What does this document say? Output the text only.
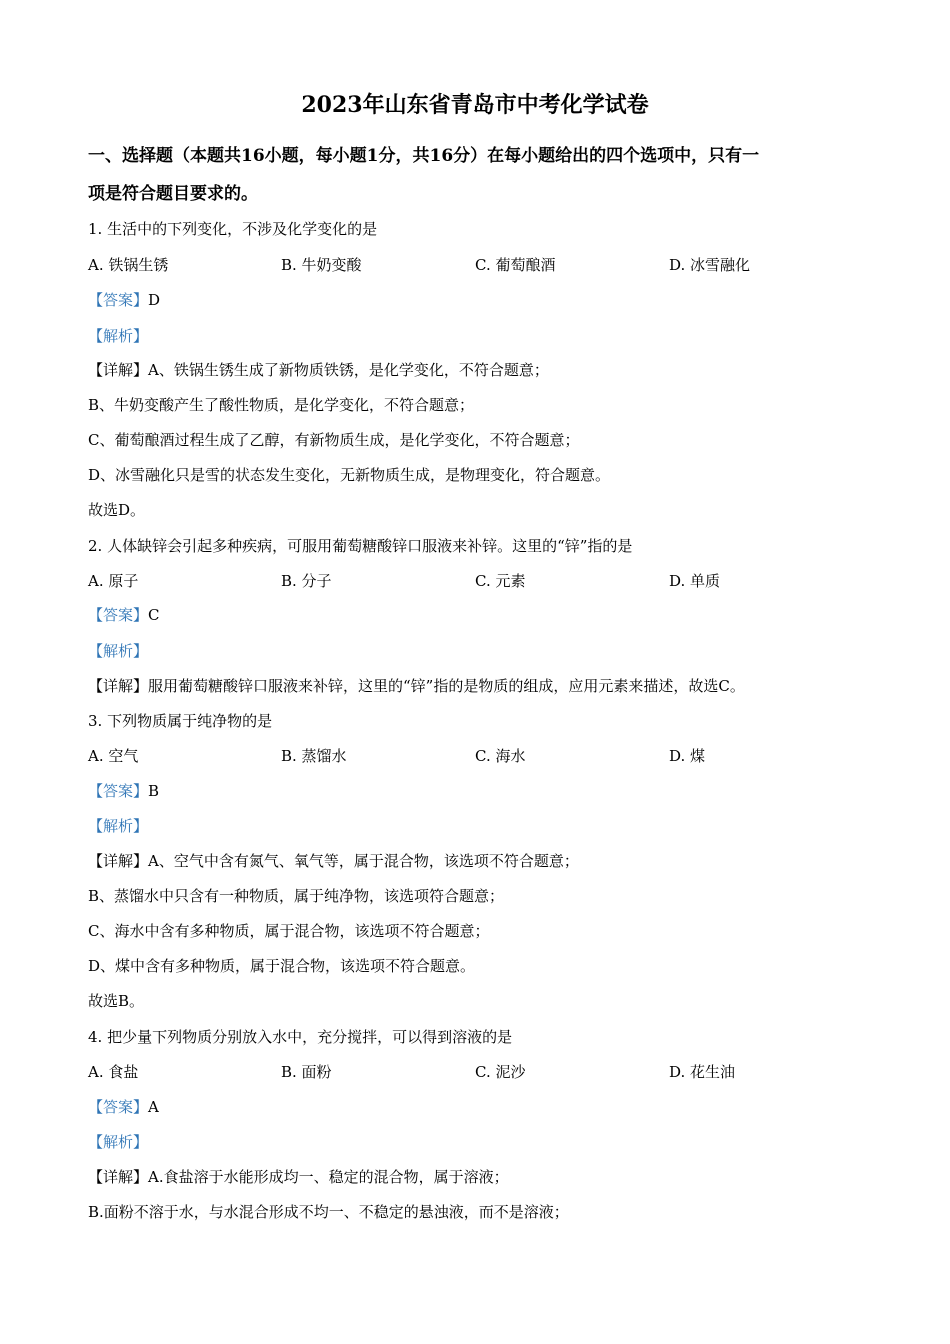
2023年山东省青岛市中考化学试卷
一、选择题（本题共16小题，每小题1分，共16分）在每小题给出的四个选项中，只有一
项是符合题目要求的。
1. 生活中的下列变化，不涉及化学变化的是
A. 铁锅生锈	B. 牛奶变酸	C. 葡萄酿酒	D. 冰雪融化
【答案】D
【解析】
【详解】A、铁锅生锈生成了新物质铁锈，是化学变化，不符合题意；
B、牛奶变酸产生了酸性物质，是化学变化，不符合题意；
C、葡萄酿酒过程生成了乙醇，有新物质生成，是化学变化，不符合题意；
D、冰雪融化只是雪的状态发生变化，无新物质生成，是物理变化，符合题意。
故选D。
2. 人体缺锌会引起多种疾病，可服用葡萄糖酸锌口服液来补锌。这里的“锌”指的是
A. 原子	B. 分子	C. 元素	D. 单质
【答案】C
【解析】
【详解】服用葡萄糖酸锌口服液来补锌，这里的“锌”指的是物质的组成，应用元素来描述，故选C。
3. 下列物质属于纯净物的是
A. 空气	B. 蒸馏水	C. 海水	D. 煤
【答案】B
【解析】
【详解】A、空气中含有氮气、氧气等，属于混合物，该选项不符合题意；
B、蒸馏水中只含有一种物质，属于纯净物，该选项符合题意；
C、海水中含有多种物质，属于混合物，该选项不符合题意；
D、煤中含有多种物质，属于混合物，该选项不符合题意。
故选B。
4. 把少量下列物质分别放入水中，充分搅拌，可以得到溶液的是
A. 食盐	B. 面粉	C. 泥沙	D. 花生油
【答案】A
【解析】
【详解】A.食盐溶于水能形成均一、稳定的混合物，属于溶液；
B.面粉不溶于水，与水混合形成不均一、不稳定的悬浊液，而不是溶液；
